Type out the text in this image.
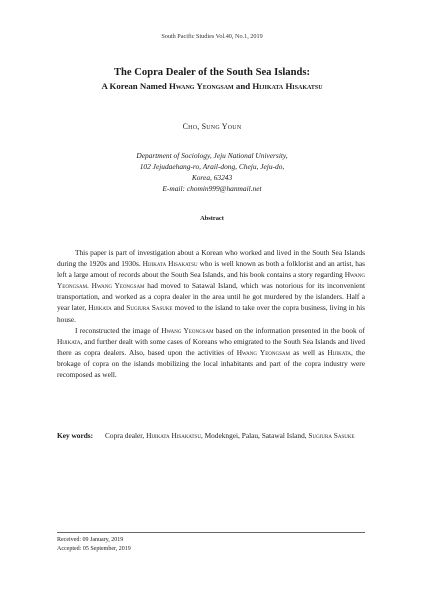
South Pacific Studies Vol.40, No.1, 2019
The Copra Dealer of the South Sea Islands:
A Korean Named Hwang Yeongsam and Hijikata Hisakatsu
Cho, Sung Youn
Department of Sociology, Jeju National University,
102 Jejudaehang-ro, Arail-dong, Cheju, Jeju-do,
Korea, 63243
E-mail: chomin999@hanmail.net
Abstract

This paper is part of investigation about a Korean who worked and lived in the South Sea Islands during the 1920s and 1930s. Hijikata Hisakatsu who is well known as both a folklorist and an artist, has left a large amout of records about the South Sea Islands, and his book contains a story regarding Hwang Yeongsam. Hwang Yeongsam had moved to Satawal Island, which was notorious for its inconvenient transportation, and worked as a copra dealer in the area until he got murdered by the islanders. Half a year later, Hijikata and Sugiura Sasuke moved to the island to take over the copra business, living in his house.

I reconstructed the image of Hwang Yeongsam based on the information presented in the book of Hijikata, and further dealt with some cases of Koreans who emigrated to the South Sea Islands and lived there as copra dealers. Also, based upon the activities of Hwang Yeongsam as well as Hijikata, the brokage of copra on the islands mobilizing the local inhabitants and part of the copra industry were recomposed as well.

Key words: Copra dealer, Hijikata Hisakatsu, Modekngei, Palau, Satawal Island, Sugiura Sasuke
Received: 09 January, 2019
Accepted: 05 September, 2019
